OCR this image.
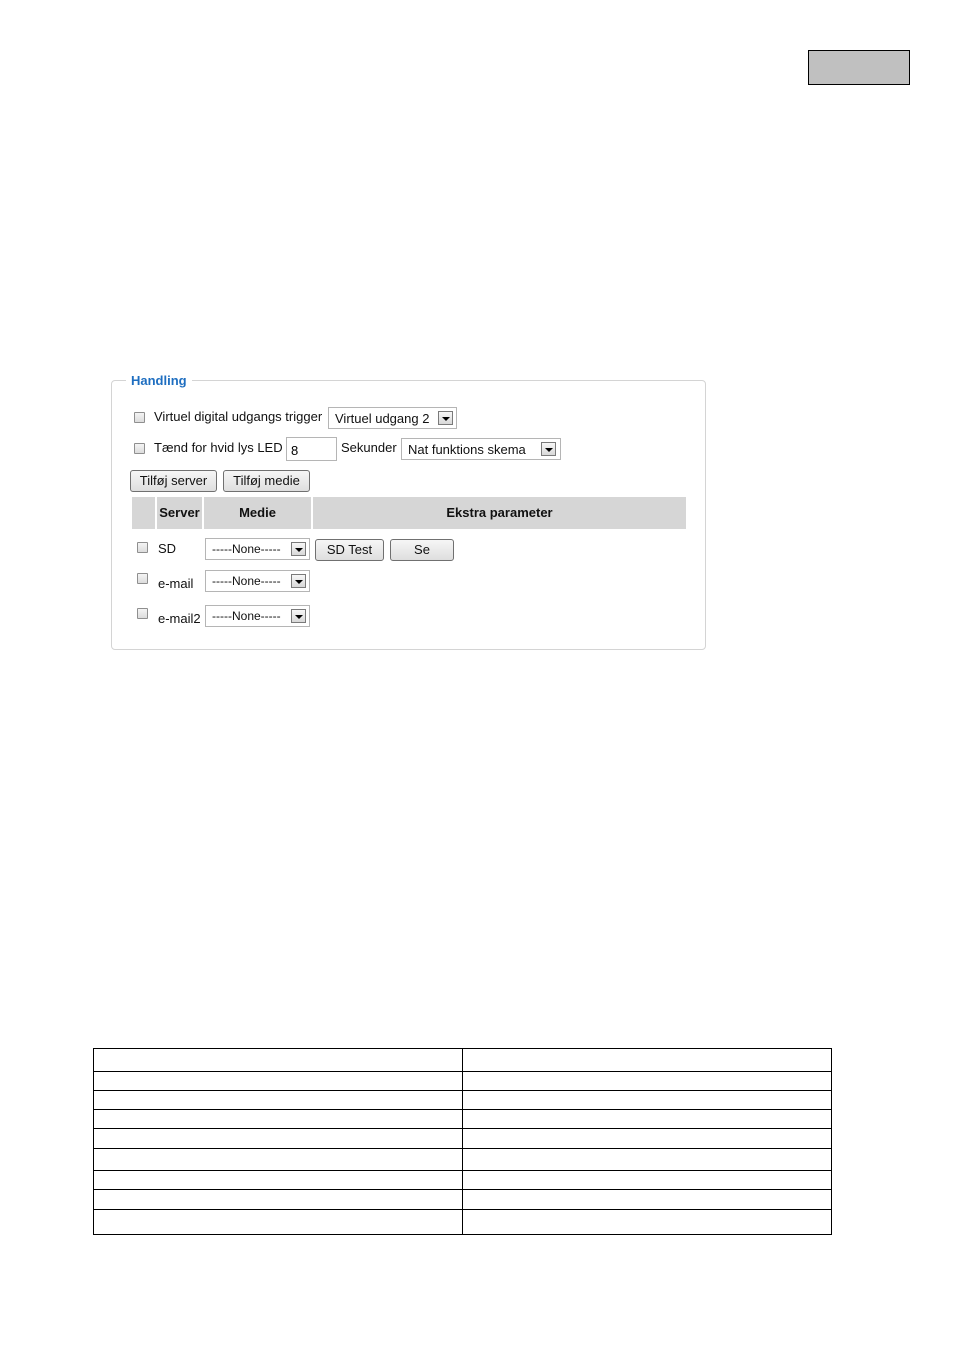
Handling
Virtuel digital udgangs trigger Virtuel udgang 2
Tænd for hvid lys LED 8	Sekunder Nat funktions skema
Tilføj server	Tilføj medie
Server	Medie	Ekstra parameter
SD	-----None-----	SD Test	Se
e-mail -----None-----
e-mail2 -----None-----
